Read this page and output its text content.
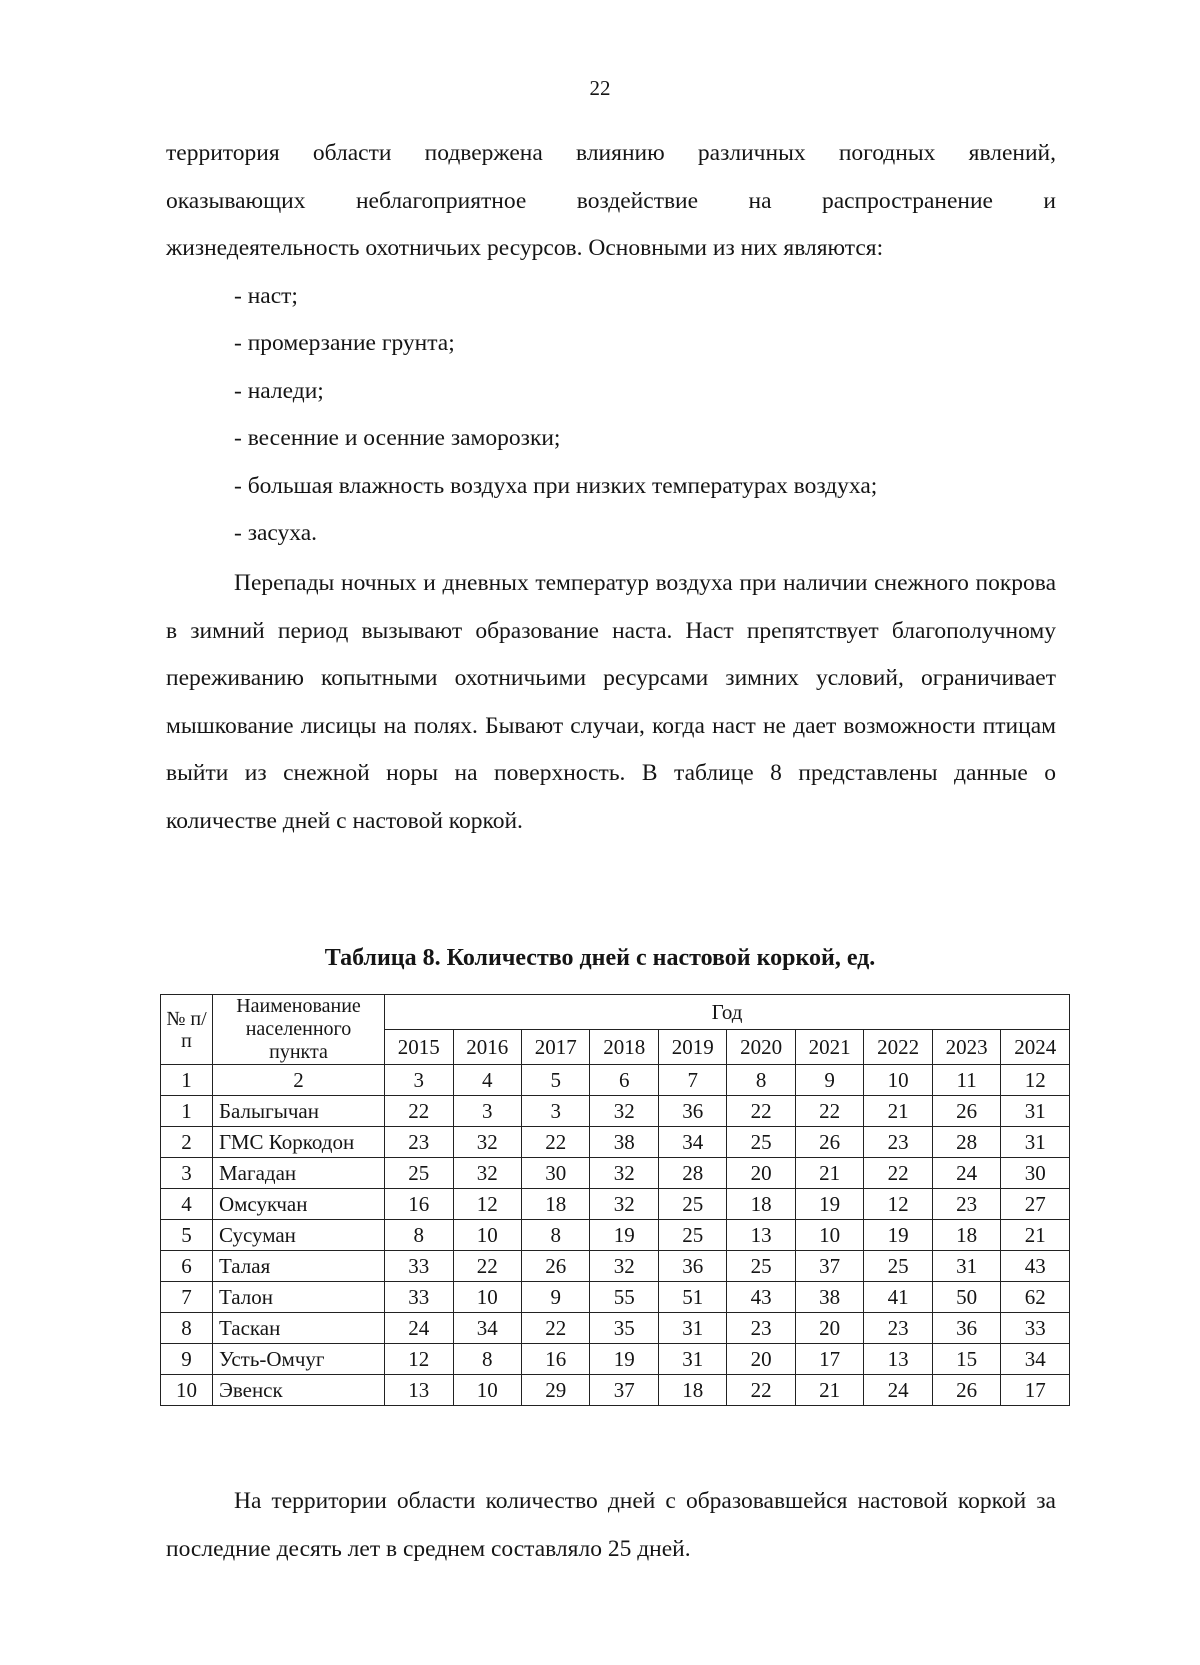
22
территория области подвержена влиянию различных погодных явлений,
оказывающих неблагоприятное воздействие на распространение и
жизнедеятельность охотничьих ресурсов. Основными из них являются:
- наст;
- промерзание грунта;
- наледи;
- весенние и осенние заморозки;
- большая влажность воздуха при низких температурах воздуха;
- засуха.

Перепады ночных и дневных температур воздуха при наличии снежного покрова в зимний период вызывают образование наста. Наст препятствует благополучному переживанию копытными охотничьими ресурсами зимних условий, ограничивает мышкование лисицы на полях. Бывают случаи, когда наст не дает возможности птицам выйти из снежной норы на поверхность. В таблице 8 представлены данные о количестве дней с настовой коркой.

Таблица 8. Количество дней с настовой коркой, ед.
№ п/п	Наименование населенного пункта	Год									
		2015	2016	2017	2018	2019	2020	2021	2022	2023	2024
1	2	3	4	5	6	7	8	9	10	11	12
1	Балыгычан	22	3	3	32	36	22	22	21	26	31
2	ГМС Коркодон	23	32	22	38	34	25	26	23	28	31
3	Магадан	25	32	30	32	28	20	21	22	24	30
4	Омсукчан	16	12	18	32	25	18	19	12	23	27
5	Сусуман	8	10	8	19	25	13	10	19	18	21
6	Талая	33	22	26	32	36	25	37	25	31	43
7	Талон	33	10	9	55	51	43	38	41	50	62
8	Таскан	24	34	22	35	31	23	20	23	36	33
9	Усть-Омчуг	12	8	16	19	31	20	17	13	15	34
10	Эвенск	13	10	29	37	18	22	21	24	26	17

На территории области количество дней с образовавшейся настовой коркой за последние десять лет в среднем составляло 25 дней.
